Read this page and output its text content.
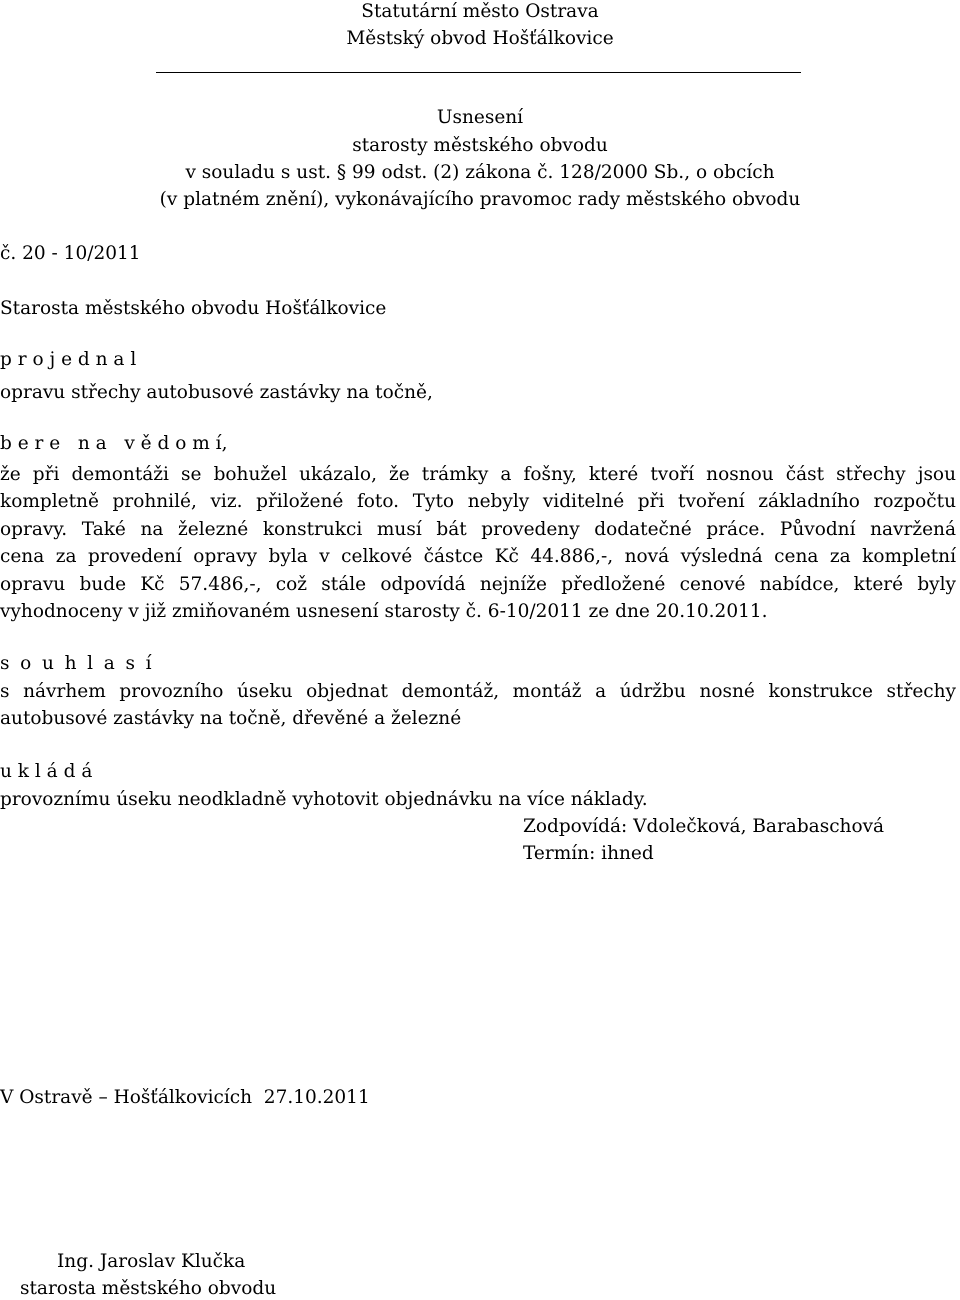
Statutární město Ostrava

Městský obvod Hošťálkovice

Usnesení

starosty městského obvodu

v souladu s ust. § 99 odst. (2) zákona č. 128/2000 Sb., o obcích

(v platném znění), vykonávajícího pravomoc rady městského obvodu

č. 20 - 10/2011

Starosta městského obvodu Hošťálkovice

p r o j e d n a l

opravu střechy autobusové zastávky na točně,

b e r e   n a   v ě d o m í,

že při demontáži se bohužel ukázalo, že trámky a fošny, které tvoří nosnou část střechy jsou
kompletně prohnilé, viz. přiložené foto. Tyto nebyly viditelné při tvoření základního rozpočtu
opravy. Také na železné konstrukci musí bát provedeny dodatečné práce. Původní navržená
cena za provedení opravy byla v celkové částce Kč 44.886,-, nová výsledná cena za kompletní
opravu bude Kč 57.486,-, což stále odpovídá nejníže předložené cenové nabídce, které byly
vyhodnoceny v již zmiňovaném usnesení starosty č. 6-10/2011 ze dne 20.10.2011.

s o u h l a s í

s návrhem provozního úseku objednat demontáž, montáž a údržbu nosné konstrukce střechy
autobusové zastávky na točně, dřevěné a železné

u k l á d á

provoznímu úseku neodkladně vyhotovit objednávku na více náklady.

Zodpovídá: Vdolečková, Barabaschová

Termín: ihned

V Ostravě – Hošťálkovicích  27.10.2011

Ing. Jaroslav Klučka

starosta městského obvodu
